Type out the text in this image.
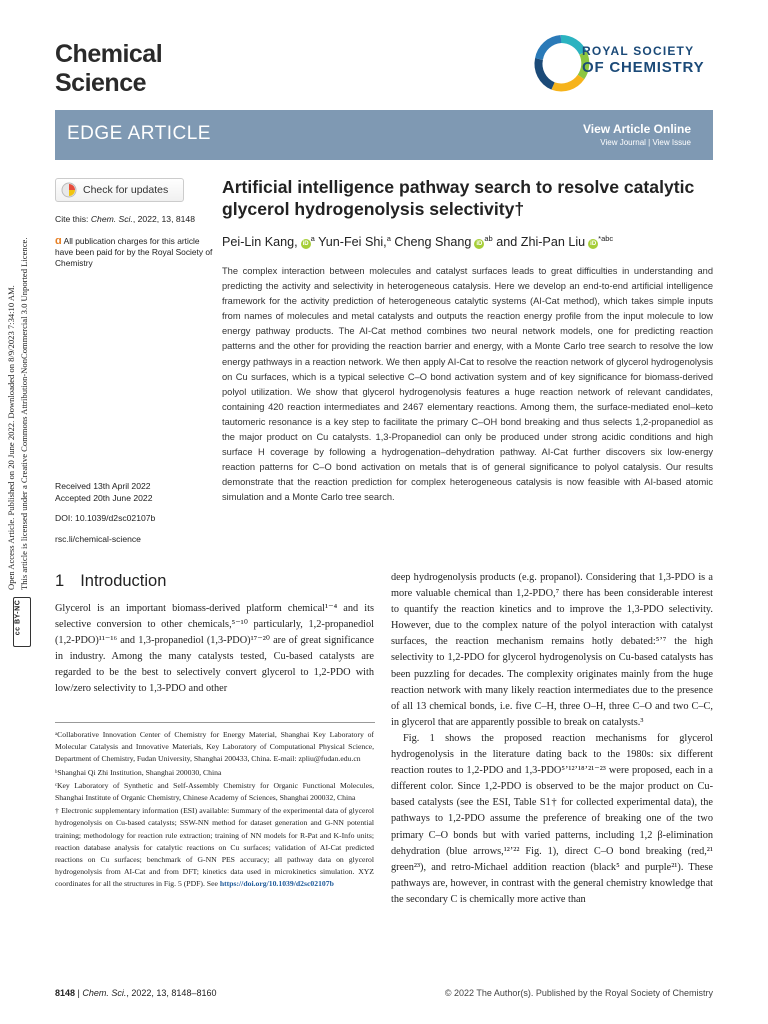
Chemical
Science
ROYAL SOCIETY
OF CHEMISTRY
EDGE ARTICLE	View Article Online
View Journal | View Issue
Open Access Article. Published on 20 June 2022. Downloaded on 8/9/2023 7:34:10 AM. This article is licensed under a Creative Commons Attribution-NonCommercial 3.0 Unported Licence.
cc BY-NC
Check for updates
Cite this: Chem. Sci., 2022, 13, 8148
ɑ All publication charges for this article have been paid for by the Royal Society of Chemistry
Received 13th April 2022
Accepted 20th June 2022
DOI: 10.1039/d2sc02107b
rsc.li/chemical-science
Artificial intelligence pathway search to resolve catalytic glycerol hydrogenolysis selectivity†
Pei-Lin Kang, $iD^a$ Yun-Fei Shi,$^a$ Cheng Shang $iD^{ab}$ and Zhi-Pan Liu $iD^{*abc}$
The complex interaction between molecules and catalyst surfaces leads to great difficulties in understanding and predicting the activity and selectivity in heterogeneous catalysis. Here we develop an end-to-end artificial intelligence framework for the activity prediction of heterogeneous catalytic systems (AI-Cat method), which takes simple inputs from names of molecules and metal catalysts and outputs the reaction energy profile from the input molecule to low energy pathway products. The AI-Cat method combines two neural network models, one for predicting reaction patterns and the other for providing the reaction barrier and energy, with a Monte Carlo tree search to resolve the low energy pathways in a reaction network. We then apply AI-Cat to resolve the reaction network of glycerol hydrogenolysis on Cu surfaces, which is a typical selective C–O bond activation system and of key significance for biomass-derived polyol utilization. We show that glycerol hydrogenolysis features a huge reaction network of relevant candidates, containing 420 reaction intermediates and 2467 elementary reactions. Among them, the surface-mediated enol–keto tautomeric resonance is a key step to facilitate the primary C–OH bond breaking and thus selects 1,2-propanediol as the major product on Cu catalysts. 1,3-Propanediol can only be produced under strong acidic conditions and high surface H coverage by following a hydrogenation–dehydration pathway. AI-Cat further discovers six low-energy reaction patterns for C–O bond activation on metals that is of general significance to polyol catalysis. Our results demonstrate that the reaction prediction for complex heterogeneous catalysis is now feasible with AI-based atomic simulation and a Monte Carlo tree search.
1 Introduction

Glycerol is an important biomass-derived platform chemical¹⁻⁴ and its selective conversion to other chemicals,⁵⁻¹⁰ particularly, 1,2-propanediol (1,2-PDO)¹¹⁻¹⁶ and 1,3-propanediol (1,3-PDO)¹⁷⁻²⁰ are of great significance in industry. Among the many catalysts tested, Cu-based catalysts are regarded to be the best to selectively convert glycerol to 1,2-PDO with low/zero selectivity to 1,3-PDO and other

ᵃCollaborative Innovation Center of Chemistry for Energy Material, Shanghai Key Laboratory of Molecular Catalysis and Innovative Materials, Key Laboratory of Computational Physical Science, Department of Chemistry, Fudan University, Shanghai 200433, China. E-mail: zpliu@fudan.edu.cn

ᵇShanghai Qi Zhi Institution, Shanghai 200030, China

ᶜKey Laboratory of Synthetic and Self-Assembly Chemistry for Organic Functional Molecules, Shanghai Institute of Organic Chemistry, Chinese Academy of Sciences, Shanghai 200032, China

† Electronic supplementary information (ESI) available: Summary of the experimental data of glycerol hydrogenolysis on Cu-based catalysts; SSW-NN method for dataset generation and G-NN potential training; methodology for reaction rule extraction; training of NN models for R-Pat and K-Info units; reaction database analysis for catalytic reactions on Cu surfaces; validation of AI-Cat predicted reactions on Cu surfaces; benchmark of G-NN PES accuracy; all pathway data on glycerol hydrogenolysis from AI-Cat and from DFT; kinetics data used in microkinetics simulation. XYZ coordinates for all the structures in Fig. 5 (PDF). See https://doi.org/10.1039/d2sc02107b

deep hydrogenolysis products (e.g. propanol). Considering that 1,3-PDO is a more valuable chemical than 1,2-PDO,⁷ there has been considerable interest to quantify the reaction kinetics and to improve the 1,3-PDO selectivity. However, due to the complex nature of the polyol interaction with catalyst surfaces, the reaction mechanism remains hotly debated:⁵ʼ⁷ the high selectivity to 1,2-PDO for glycerol hydrogenolysis on Cu-based catalysts has been puzzling for decades. The complexity originates mainly from the huge reaction network with many likely reaction intermediates due to the presence of all 13 chemical bonds, i.e. five C–H, three O–H, three C–O and two C–C, in glycerol that are apparently possible to break on catalysts.³

Fig. 1 shows the proposed reaction mechanisms for glycerol hydrogenolysis in the literature dating back to the 1980s: six different reaction routes to 1,2-PDO and 1,3-PDO⁵ʼ¹²ʼ¹⁸ʼ²¹⁻²³ were proposed, each in a different color. Since 1,2-PDO is observed to be the major product on Cu-based catalysts (see the ESI, Table S1† for collected experimental data), the pathways to 1,2-PDO assume the preference of breaking one of the two primary C–O bonds but with varied patterns, including 1,2 β-elimination dehydration (blue arrows,¹²ʼ²² Fig. 1), direct C–O bond breaking (red,²¹ green²³), and retro-Michael addition reaction (black⁵ and purple²¹). These pathways are, however, in contrast with the general chemistry knowledge that the secondary C is chemically more active than

8148 | Chem. Sci., 2022, 13, 8148–8160	© 2022 The Author(s). Published by the Royal Society of Chemistry
